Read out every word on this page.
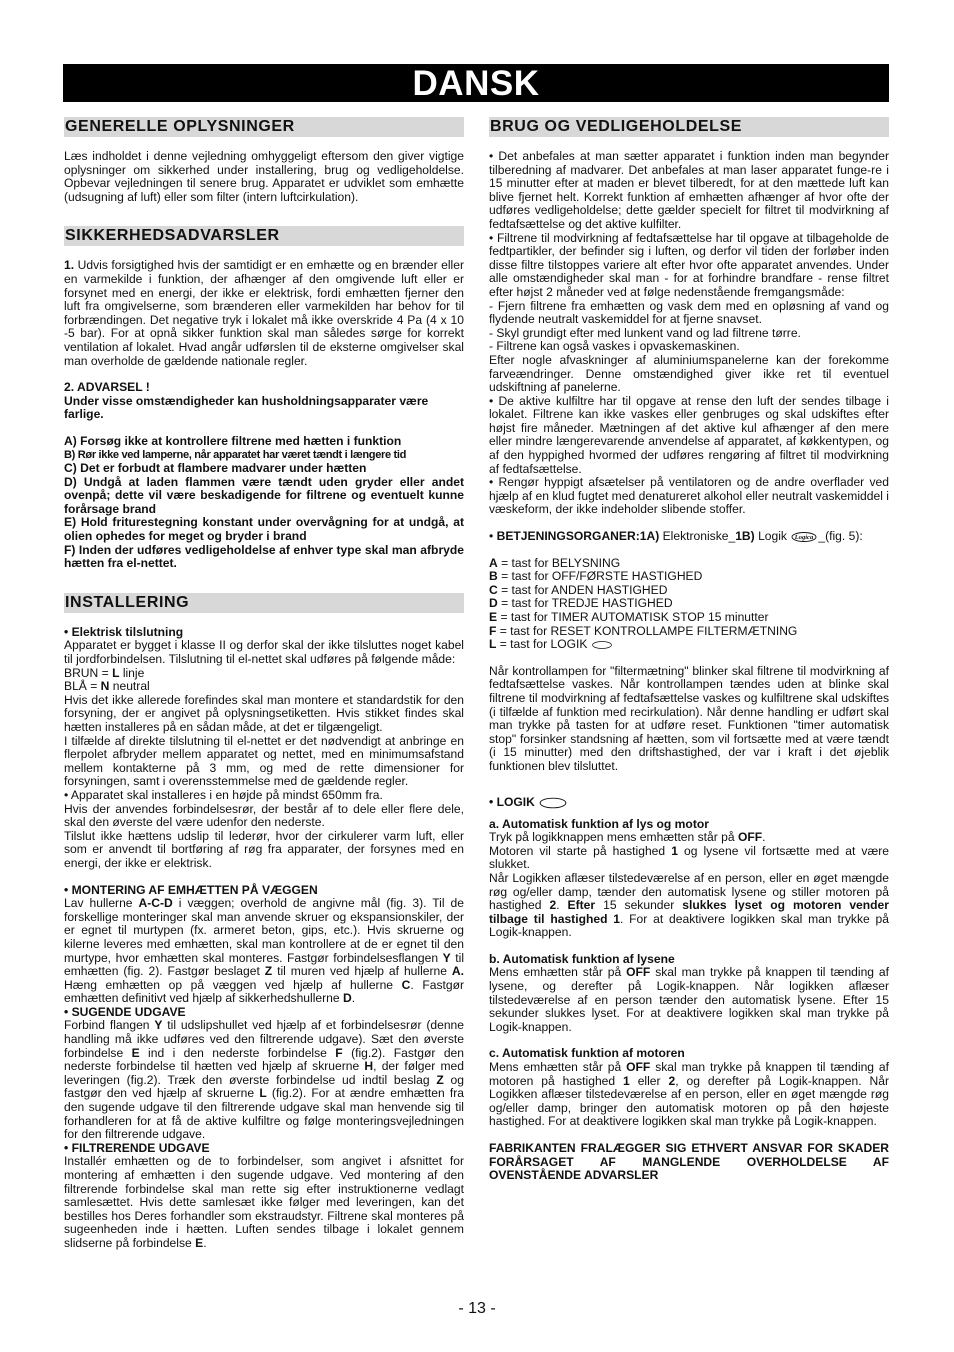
DANSK
GENERELLE OPLYSNINGER

Læs indholdet i denne vejledning omhyggeligt eftersom den giver vigtige oplysninger om sikkerhed under installering, brug og vedligeholdelse. Opbevar vejledningen til senere brug. Apparatet er udviklet som emhætte (udsugning af luft) eller som filter (intern luftcirkulation).

SIKKERHEDSADVARSLER

1. Udvis forsigtighed hvis der samtidigt er en emhætte og en brænder eller en varmekilde i funktion, der afhænger af den omgivende luft eller er forsynet med en energi, der ikke er elektrisk, fordi emhætten fjerner den luft fra omgivelserne, som brænderen eller varmekilden har behov for til forbrændingen. Det negative tryk i lokalet må ikke overskride 4 Pa (4 x 10 -5 bar). For at opnå sikker funktion skal man således sørge for korrekt ventilation af lokalet. Hvad angår udførslen til de eksterne omgivelser skal man overholde de gældende nationale regler.

2. ADVARSEL !

Under visse omstændigheder kan husholdningsapparater være farlige.

A) Forsøg ikke at kontrollere filtrene med hætten i funktion

B) Rør ikke ved lamperne, når apparatet har været tændt i længere tid

C) Det er forbudt at flambere madvarer under hætten

D) Undgå at laden flammen være tændt uden gryder eller andet ovenpå; dette vil være beskadigende for filtrene og eventuelt kunne forårsage brand

E) Hold friturestegning konstant under overvågning for at undgå, at olien ophedes for meget og bryder i brand

F) Inden der udføres vedligeholdelse af enhver type skal man afbryde hætten fra el-nettet.

INSTALLERING

• Elektrisk tilslutning

Apparatet er bygget i klasse II og derfor skal der ikke tilsluttes noget kabel til jordforbindelsen. Tilslutning til el-nettet skal udføres på følgende måde:

BRUN = L linje

BLÅ = N neutral

Hvis det ikke allerede forefindes skal man montere et standardstik for den forsyning, der er angivet på oplysningsetiketten. Hvis stikket findes skal hætten installeres på en sådan måde, at det er tilgængeligt.

I tilfælde af direkte tilslutning til el-nettet er det nødvendigt at anbringe en flerpolet afbryder mellem apparatet og nettet, med en minimumsafstand mellem kontakterne på 3 mm, og med de rette dimensioner for forsyningen, samt i overensstemmelse med de gældende regler.

• Apparatet skal installeres i en højde på mindst 650mm fra.

Hvis der anvendes forbindelsesrør, der består af to dele eller flere dele, skal den øverste del være udenfor den nederste.

Tilslut ikke hættens udslip til lederør, hvor der cirkulerer varm luft, eller som er anvendt til bortføring af røg fra apparater, der forsynes med en energi, der ikke er elektrisk.

• MONTERING AF EMHÆTTEN PÅ VÆGGEN

Lav hullerne A-C-D i væggen; overhold de angivne mål (fig. 3). Til de forskellige monteringer skal man anvende skruer og ekspansionskiler, der er egnet til murtypen (fx. armeret beton, gips, etc.). Hvis skruerne og kilerne leveres med emhætten, skal man kontrollere at de er egnet til den murtype, hvor emhætten skal monteres. Fastgør forbindelsesflangen Y til emhætten (fig. 2). Fastgør beslaget Z til muren ved hjælp af hullerne A. Hæng emhætten op på væggen ved hjælp af hullerne C. Fastgør emhætten definitivt ved hjælp af sikkerhedshullerne D.

• SUGENDE UDGAVE

Forbind flangen Y til udslipshullet ved hjælp af et forbindelsesrør (denne handling må ikke udføres ved den filtrerende udgave). Sæt den øverste forbindelse E ind i den nederste forbindelse F (fig.2). Fastgør den nederste forbindelse til hætten ved hjælp af skruerne H, der følger med leveringen (fig.2). Træk den øverste forbindelse ud indtil beslag Z og fastgør den ved hjælp af skruerne L (fig.2). For at ændre emhætten fra den sugende udgave til den filtrerende udgave skal man henvende sig til forhandleren for at få de aktive kulfiltre og følge monteringsvejledningen for den filtrerende udgave.

• FILTRERENDE UDGAVE

Installér emhætten og de to forbindelser, som angivet i afsnittet for montering af emhætten i den sugende udgave. Ved montering af den filtrerende forbindelse skal man rette sig efter instruktionerne vedlagt samlesættet. Hvis dette samlesæt ikke følger med leveringen, kan det bestilles hos Deres forhandler som ekstraudstyr. Filtrene skal monteres på sugeenheden inde i hætten. Luften sendes tilbage i lokalet gennem slidserne på forbindelse E.

BRUG OG VEDLIGEHOLDELSE

• Det anbefales at man sætter apparatet i funktion inden man begynder tilberedning af madvarer. Det anbefales at man laser apparatet funge-re i 15 minutter efter at maden er blevet tilberedt, for at den mættede luft kan blive fjernet helt. Korrekt funktion af emhætten afhænger af hvor ofte der udføres vedligeholdelse; dette gælder specielt for filtret til modvirkning af fedtafsættelse og det aktive kulfilter.

• Filtrene til modvirkning af fedtafsættelse har til opgave at tilbageholde de fedtpartikler, der befinder sig i luften, og derfor vil tiden der forløber inden disse filtre tilstoppes variere alt efter hvor ofte apparatet anvendes. Under alle omstændigheder skal man - for at forhindre brandfare - rense filtret efter højst 2 måneder ved at følge nedenstående fremgangsmåde:

- Fjern filtrene fra emhætten og vask dem med en opløsning af vand og flydende neutralt vaskemiddel for at fjerne snavset.

- Skyl grundigt efter med lunkent vand og lad filtrene tørre.

- Filtrene kan også vaskes i opvaskemaskinen.

Efter nogle afvaskninger af aluminiumspanelerne kan der forekomme farveændringer. Denne omstændighed giver ikke ret til eventuel udskiftning af panelerne.

• De aktive kulfiltre har til opgave at rense den luft der sendes tilbage i lokalet. Filtrene kan ikke vaskes eller genbruges og skal udskiftes efter højst fire måneder. Mætningen af det aktive kul afhænger af den mere eller mindre længerevarende anvendelse af apparatet, af køkkentypen, og af den hyppighed hvormed der udføres rengøring af filtret til modvirkning af fedtafsættelse.

• Rengør hyppigt afsætelser på ventilatoren og de andre overflader ved hjælp af en klud fugtet med denatureret alkohol eller neutralt vaskemiddel i væskeform, der ikke indeholder slibende stoffer.

• BETJENINGSORGANER:1A) Elektroniske_1B) Logik Logica _(fig. 5):

A = tast for BELYSNING

B = tast for OFF/FØRSTE HASTIGHED

C = tast for ANDEN HASTIGHED

D = tast for TREDJE HASTIGHED

E = tast for TIMER AUTOMATISK STOP 15 minutter

F = tast for RESET KONTROLLAMPE FILTERMÆTNING

L = tast for LOGIK

Når kontrollampen for "filtermætning" blinker skal filtrene til modvirkning af fedtafsættelse vaskes. Når kontrollampen tændes uden at blinke skal filtrene til modvirkning af fedtafsættelse vaskes og kulfiltrene skal udskiftes (i tilfælde af funktion med recirkulation). Når denne handling er udført skal man trykke på tasten for at udføre reset. Funktionen "timer automatisk stop" forsinker standsning af hætten, som vil fortsætte med at være tændt (i 15 minutter) med den driftshastighed, der var i kraft i det øjeblik funktionen blev tilsluttet.

• LOGIK

a. Automatisk funktion af lys og motor

Tryk på logikknappen mens emhætten står på OFF.

Motoren vil starte på hastighed 1 og lysene vil fortsætte med at være slukket.

Når Logikken aflæser tilstedeværelse af en person, eller en øget mængde røg og/eller damp, tænder den automatisk lysene og stiller motoren på hastighed 2. Efter 15 sekunder slukkes lyset og motoren vender tilbage til hastighed 1. For at deaktivere logikken skal man trykke på Logik-knappen.

b. Automatisk funktion af lysene

Mens emhætten står på OFF skal man trykke på knappen til tænding af lysene, og derefter på Logik-knappen. Når logikken aflæser tilstedeværelse af en person tænder den automatisk lysene. Efter 15 sekunder slukkes lyset. For at deaktivere logikken skal man trykke på Logik-knappen.

c. Automatisk funktion af motoren

Mens emhætten står på OFF skal man trykke på knappen til tænding af motoren på hastighed 1 eller 2, og derefter på Logik-knappen. Når Logikken aflæser tilstedeværelse af en person, eller en øget mængde røg og/eller damp, bringer den automatisk motoren op på den højeste hastighed. For at deaktivere logikken skal man trykke på Logik-knappen.

FABRIKANTEN FRALÆGGER SIG ETHVERT ANSVAR FOR SKADER FORÅRSAGET AF MANGLENDE OVERHOLDELSE AF OVENSTÅENDE ADVARSLER

- 13 -
